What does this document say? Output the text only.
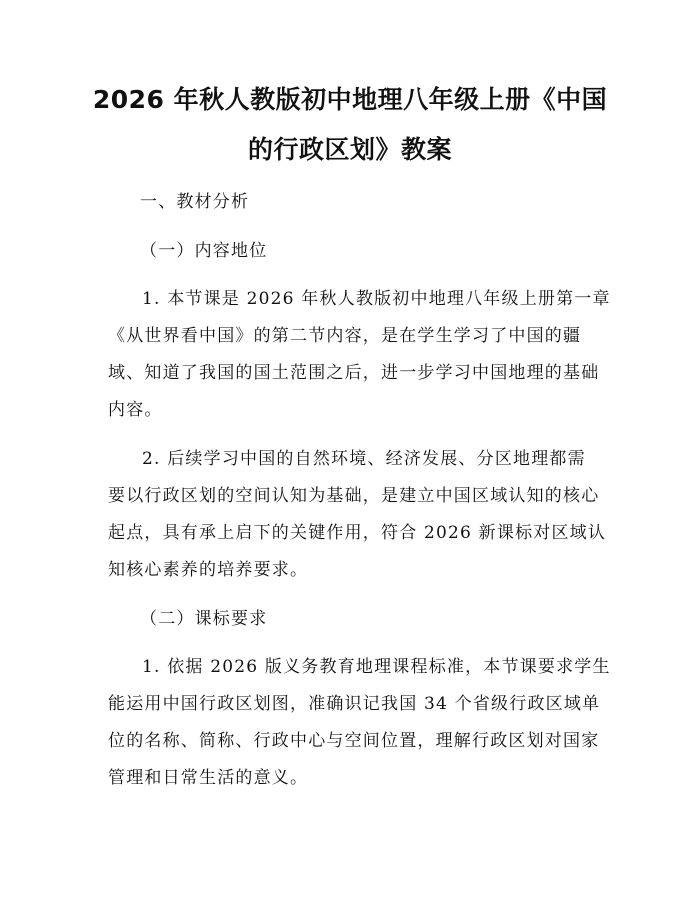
2026 年秋人教版初中地理八年级上册《中国
的行政区划》教案
一、教材分析
（一）内容地位
1. 本节课是 2026 年秋人教版初中地理八年级上册第一章
《从世界看中国》的第二节内容，是在学生学习了中国的疆
域、知道了我国的国土范围之后，进一步学习中国地理的基础
内容。
2. 后续学习中国的自然环境、经济发展、分区地理都需
要以行政区划的空间认知为基础，是建立中国区域认知的核心
起点，具有承上启下的关键作用，符合 2026 新课标对区域认
知核心素养的培养要求。
（二）课标要求
1. 依据 2026 版义务教育地理课程标准，本节课要求学生
能运用中国行政区划图，准确识记我国 34 个省级行政区域单
位的名称、简称、行政中心与空间位置，理解行政区划对国家
管理和日常生活的意义。
